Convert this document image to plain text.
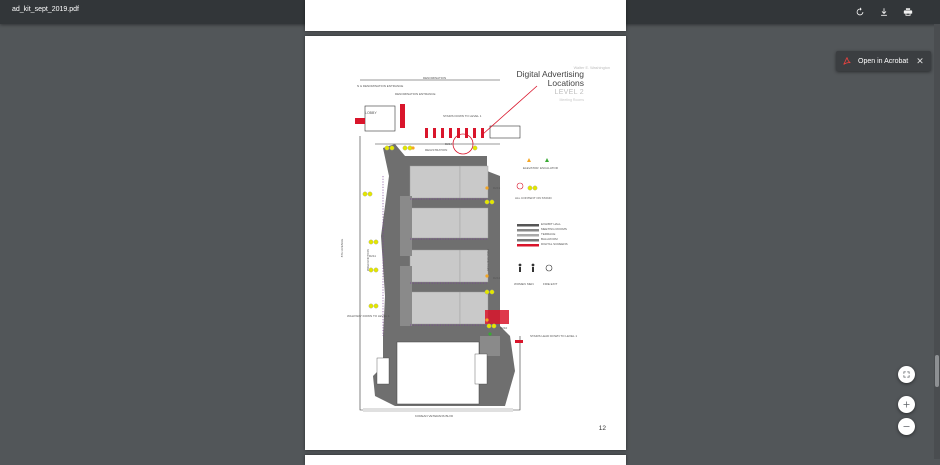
ad_kit_sept_2019.pdf
Walter E. Washington
Digital Advertising
Locations
LEVEL 2
Meeting Rooms
DENOMINATION
LOBBY
REGISTRATION
8TH AVENUE
PREFUNCTION	PREFUNCTION
KOREAN VETERANS BLVD
N & DENOMINATION ENTRANCE
DENOMINATION ENTRANCE
STAIRS DOWN TO LEVEL 1
WALKWAY DOWN TO LEVEL 1
STAIRS LEAD DOWN TO LEVEL 1
D214
D213
D212
D211
D210
ELEVATOR ESCALATOR
EXHIBIT HALL
MEETING ROOMS
TERRACE
BALLROOM
DIGITAL SCREENS
WOMEN MEN	FIRE EXIT
ALL CONTENT ON STAND
12
Open in Acrobat ✕
